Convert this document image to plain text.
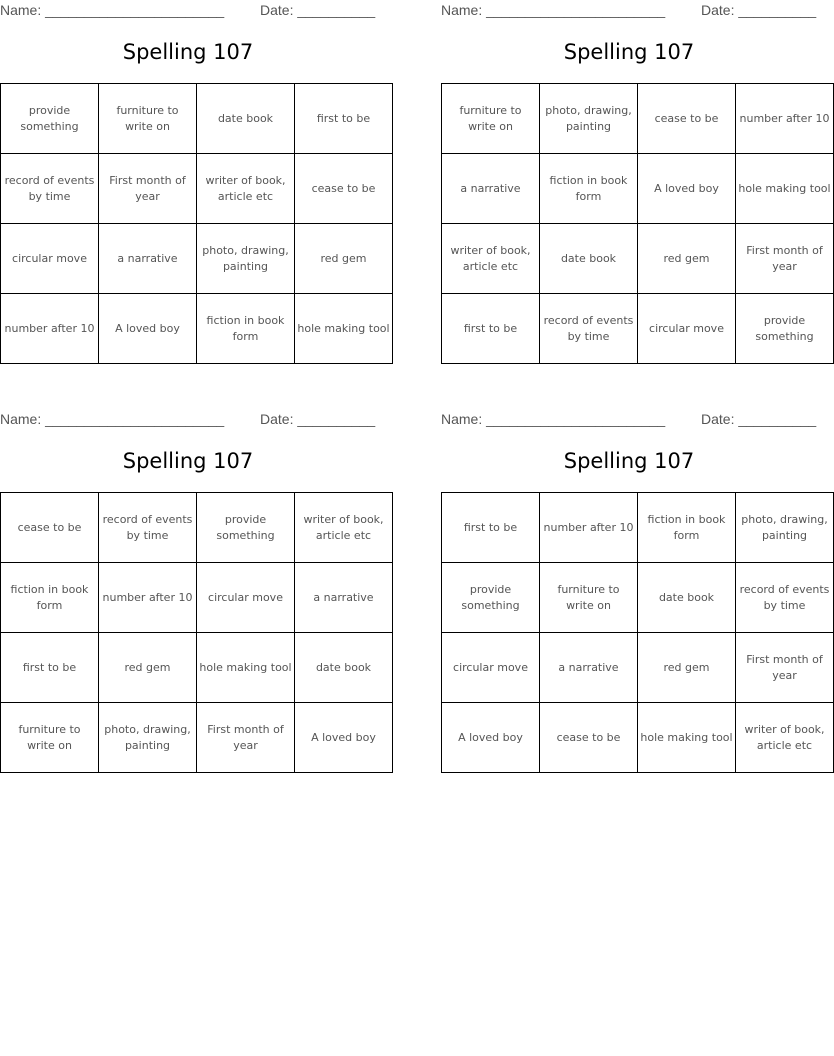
Name: _______________________	Date: __________
Spelling 107
provide something	furniture to write on	date book	first to be
record of events by time	First month of year	writer of book, article etc	cease to be
circular move	a narrative	photo, drawing, painting	red gem
number after 10	A loved boy	fiction in book form	hole making tool
Name: _______________________	Date: __________
Spelling 107
furniture to write on	photo, drawing, painting	cease to be	number after 10
a narrative	fiction in book form	A loved boy	hole making tool
writer of book, article etc	date book	red gem	First month of year
first to be	record of events by time	circular move	provide something
Name: _______________________	Date: __________
Spelling 107
cease to be	record of events by time	provide something	writer of book, article etc
fiction in book form	number after 10	circular move	a narrative
first to be	red gem	hole making tool	date book
furniture to write on	photo, drawing, painting	First month of year	A loved boy
Name: _______________________	Date: __________
Spelling 107
first to be	number after 10	fiction in book form	photo, drawing, painting
provide something	furniture to write on	date book	record of events by time
circular move	a narrative	red gem	First month of year
A loved boy	cease to be	hole making tool	writer of book, article etc
